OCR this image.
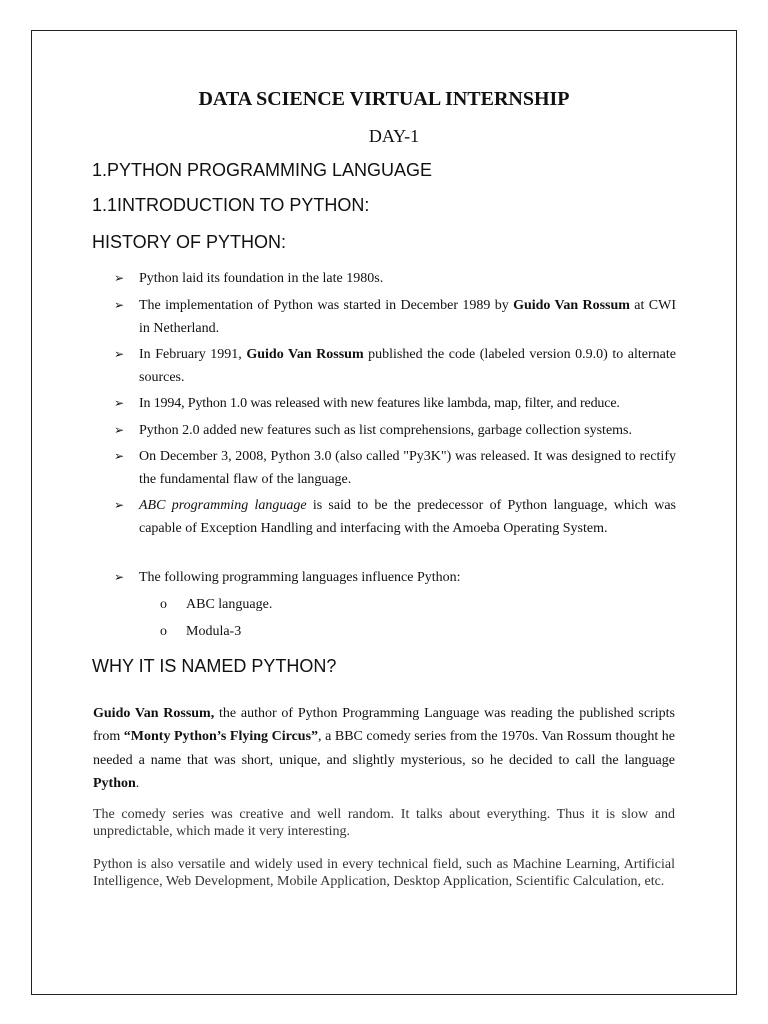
DATA SCIENCE VIRTUAL INTERNSHIP
DAY-1
1.PYTHON PROGRAMMING LANGUAGE
1.1INTRODUCTION TO PYTHON:
HISTORY OF PYTHON:
➢ Python laid its foundation in the late 1980s.
➢ The implementation of Python was started in December 1989 by Guido Van Rossum at CWI in Netherland.
➢ In February 1991, Guido Van Rossum published the code (labeled version 0.9.0) to alternate sources.
➢ In 1994, Python 1.0 was released with new features like lambda, map, filter, and reduce.
➢ Python 2.0 added new features such as list comprehensions, garbage collection systems.
➢ On December 3, 2008, Python 3.0 (also called "Py3K") was released. It was designed to rectify the fundamental flaw of the language.
➢ ABC programming language is said to be the predecessor of Python language, which was capable of Exception Handling and interfacing with the Amoeba Operating System.
➢ The following programming languages influence Python:
o ABC language.
o Modula-3
WHY IT IS NAMED PYTHON?
Guido Van Rossum, the author of Python Programming Language was reading the published scripts from “Monty Python’s Flying Circus”, a BBC comedy series from the 1970s. Van Rossum thought he needed a name that was short, unique, and slightly mysterious, so he decided to call the language Python.
The comedy series was creative and well random. It talks about everything. Thus it is slow and unpredictable, which made it very interesting.
Python is also versatile and widely used in every technical field, such as Machine Learning, Artificial Intelligence, Web Development, Mobile Application, Desktop Application, Scientific Calculation, etc.
